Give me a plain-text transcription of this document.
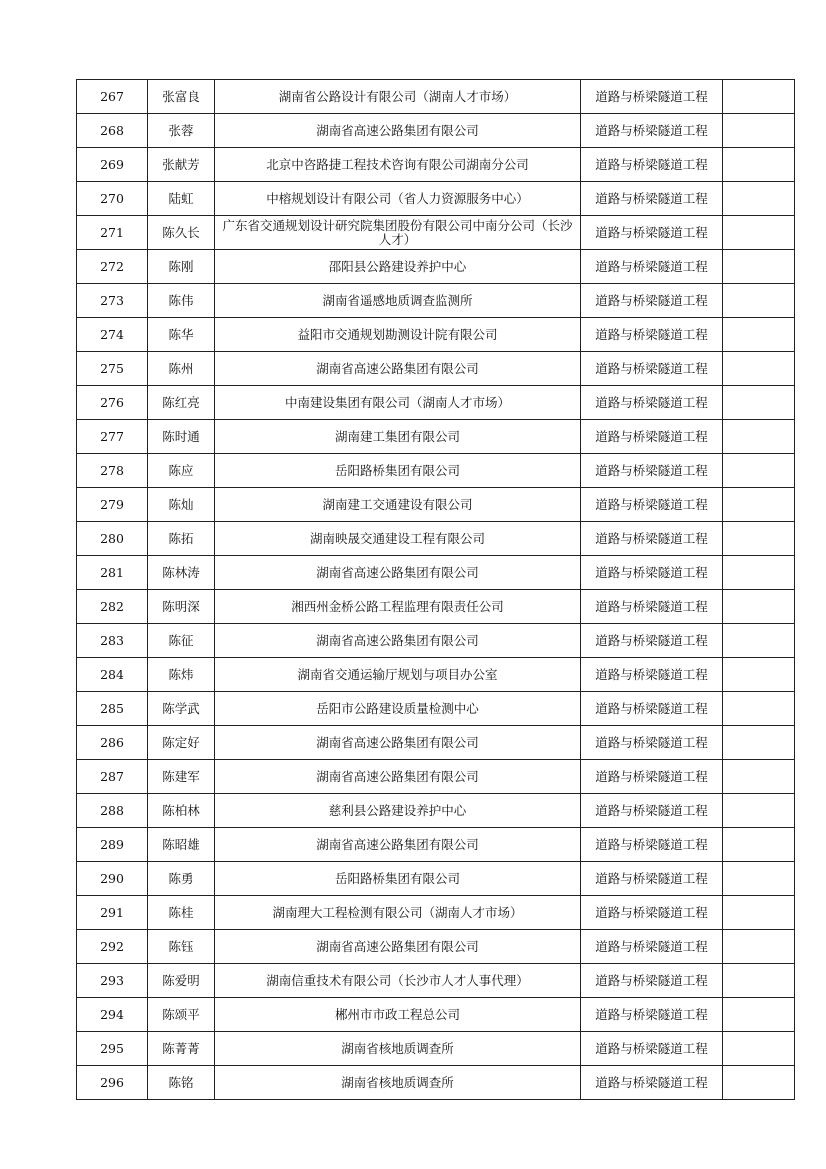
267	张富良	湖南省公路设计有限公司（湖南人才市场）	道路与桥梁隧道工程	
268	张蓉	湖南省高速公路集团有限公司	道路与桥梁隧道工程	
269	张献芳	北京中咨路捷工程技术咨询有限公司湖南分公司	道路与桥梁隧道工程	
270	陆虹	中榕规划设计有限公司（省人力资源服务中心）	道路与桥梁隧道工程	
271	陈久长	广东省交通规划设计研究院集团股份有限公司中南分公司（长沙人才）	道路与桥梁隧道工程	
272	陈刚	邵阳县公路建设养护中心	道路与桥梁隧道工程	
273	陈伟	湖南省遥感地质调查监测所	道路与桥梁隧道工程	
274	陈华	益阳市交通规划勘测设计院有限公司	道路与桥梁隧道工程	
275	陈州	湖南省高速公路集团有限公司	道路与桥梁隧道工程	
276	陈红亮	中南建设集团有限公司（湖南人才市场）	道路与桥梁隧道工程	
277	陈时通	湖南建工集团有限公司	道路与桥梁隧道工程	
278	陈应	岳阳路桥集团有限公司	道路与桥梁隧道工程	
279	陈灿	湖南建工交通建设有限公司	道路与桥梁隧道工程	
280	陈拓	湖南映晟交通建设工程有限公司	道路与桥梁隧道工程	
281	陈林涛	湖南省高速公路集团有限公司	道路与桥梁隧道工程	
282	陈明深	湘西州金桥公路工程监理有限责任公司	道路与桥梁隧道工程	
283	陈征	湖南省高速公路集团有限公司	道路与桥梁隧道工程	
284	陈炜	湖南省交通运输厅规划与项目办公室	道路与桥梁隧道工程	
285	陈学武	岳阳市公路建设质量检测中心	道路与桥梁隧道工程	
286	陈定好	湖南省高速公路集团有限公司	道路与桥梁隧道工程	
287	陈建军	湖南省高速公路集团有限公司	道路与桥梁隧道工程	
288	陈柏林	慈利县公路建设养护中心	道路与桥梁隧道工程	
289	陈昭雄	湖南省高速公路集团有限公司	道路与桥梁隧道工程	
290	陈勇	岳阳路桥集团有限公司	道路与桥梁隧道工程	
291	陈桂	湖南理大工程检测有限公司（湖南人才市场）	道路与桥梁隧道工程	
292	陈钰	湖南省高速公路集团有限公司	道路与桥梁隧道工程	
293	陈爱明	湖南信重技术有限公司（长沙市人才人事代理）	道路与桥梁隧道工程	
294	陈颂平	郴州市市政工程总公司	道路与桥梁隧道工程	
295	陈菁菁	湖南省核地质调查所	道路与桥梁隧道工程	
296	陈铭	湖南省核地质调查所	道路与桥梁隧道工程	
